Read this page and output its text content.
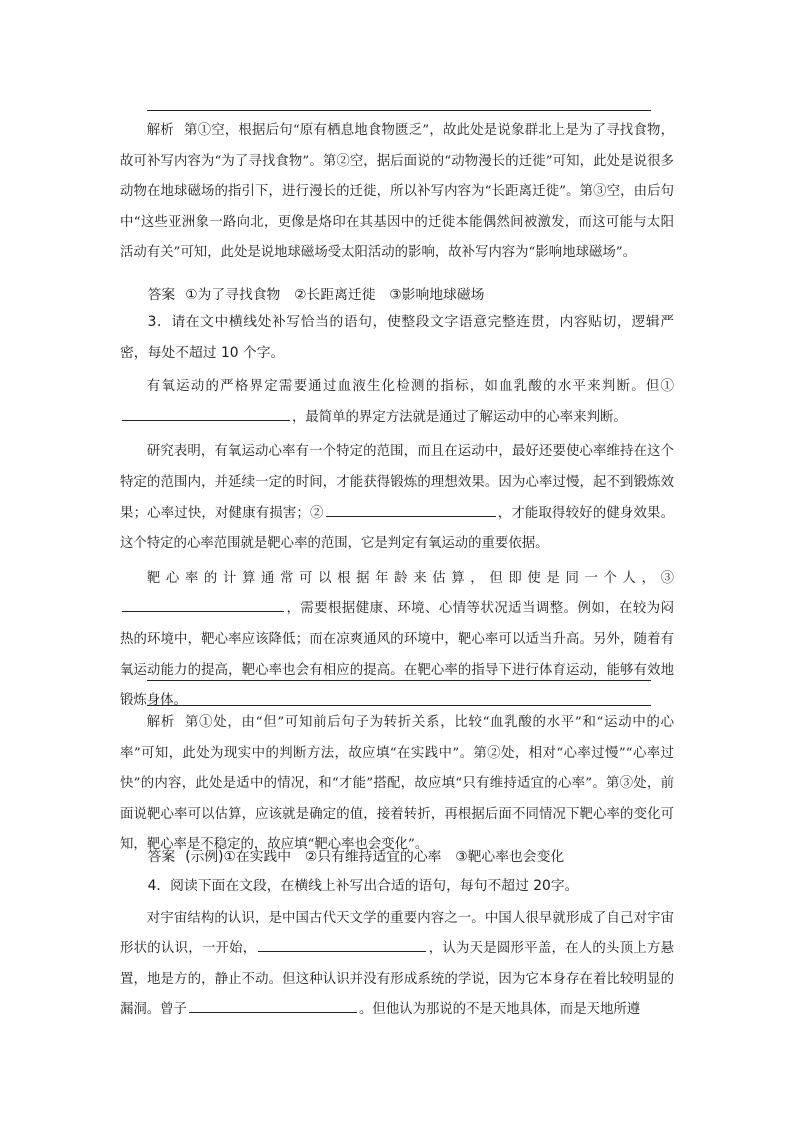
解析 第①空，根据后句“原有栖息地食物匮乏”，故此处是说象群北上是为了寻找食物，故可补写内容为“为了寻找食物”。第②空，据后面说的“动物漫长的迁徙”可知，此处是说很多动物在地球磁场的指引下，进行漫长的迁徙，所以补写内容为“长距离迁徙”。第③空，由后句中“这些亚洲象一路向北，更像是烙印在其基因中的迁徙本能偶然间被激发，而这可能与太阳活动有关”可知，此处是说地球磁场受太阳活动的影响，故补写内容为“影响地球磁场”。

答案 ①为了寻找食物　②长距离迁徙　③影响地球磁场

3．请在文中横线处补写恰当的语句，使整段文字语意完整连贯，内容贴切，逻辑严密，每处不超过 10 个字。

有氧运动的严格界定需要通过血液生化检测的指标，如血乳酸的水平来判断。但①，最简单的界定方法就是通过了解运动中的心率来判断。

研究表明，有氧运动心率有一个特定的范围，而且在运动中，最好还要使心率维持在这个特定的范围内，并延续一定的时间，才能获得锻炼的理想效果。因为心率过慢，起不到锻炼效果；心率过快，对健康有损害；②	，才能取得较好的健身效果。这个特定的心率范围就是靶心率的范围，它是判定有氧运动的重要依据。

靶心率的计算通常可以根据年龄来估算，但即使是同一个人，③，需要根据健康、环境、心情等状况适当调整。例如，在较为闷热的环境中，靶心率应该降低；而在凉爽通风的环境中，靶心率可以适当升高。另外，随着有氧运动能力的提高，靶心率也会有相应的提高。在靶心率的指导下进行体育运动，能够有效地锻炼身体。

解析 第①处，由“但”可知前后句子为转折关系，比较“血乳酸的水平”和“运动中的心率”可知，此处为现实中的判断方法，故应填“在实践中”。第②处，相对“心率过慢”“心率过快”的内容，此处是适中的情况，和“才能”搭配，故应填“只有维持适宜的心率”。第③处，前面说靶心率可以估算，应该就是确定的值，接着转折，再根据后面不同情况下靶心率的变化可知，靶心率是不稳定的，故应填“靶心率也会变化”。

答案 (示例)①在实践中　②只有维持适宜的心率　③靶心率也会变化

4．阅读下面在文段，在横线上补写出合适的语句，每句不超过 20字。

对宇宙结构的认识，是中国古代天文学的重要内容之一。中国人很早就形成了自己对宇宙形状的认识，一开始，	，认为天是圆形平盖，在人的头顶上方悬置，地是方的，静止不动。但这种认识并没有形成系统的学说，因为它本身存在着比较明显的漏洞。曾子	。但他认为那说的不是天地具体，而是天地所遵
